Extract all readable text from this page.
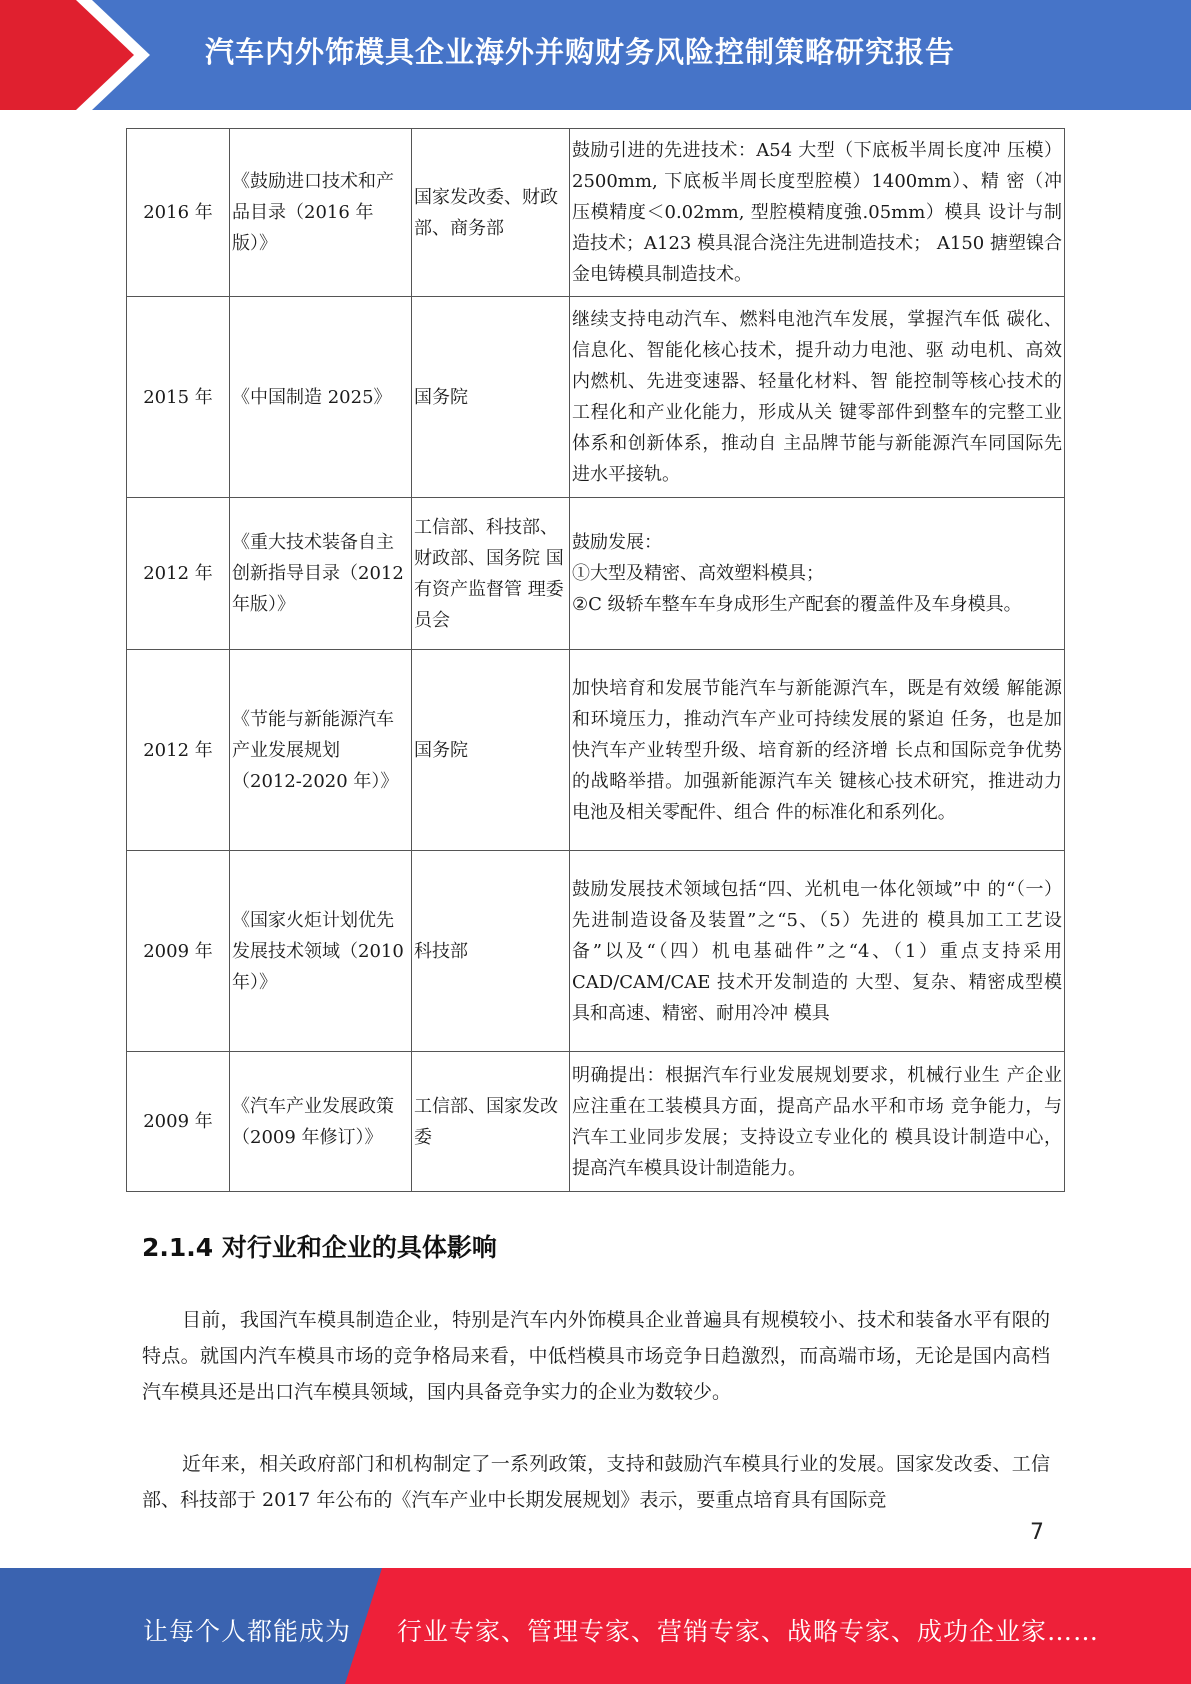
汽车内外饰模具企业海外并购财务风险控制策略研究报告
2016 年	《鼓励进口技术和产品目录（2016 年版）》	国家发改委、财政部、商务部	鼓励引进的先进技术：A54 大型（下底板半周长度冲 压模）2500mm, 下底板半周长度型腔模）1400mm）、精 密（冲压模精度＜0.02mm, 型腔模精度強.05mm）模具 设计与制造技术；A123 模具混合浇注先进制造技术； A150 搪塑镍合金电铸模具制造技术。
2015 年	《中国制造 2025》	国务院	继续支持电动汽车、燃料电池汽车发展，掌握汽车低 碳化、信息化、智能化核心技术，提升动力电池、驱 动电机、高效内燃机、先进变速器、轻量化材料、智 能控制等核心技术的工程化和产业化能力，形成从关 键零部件到整车的完整工业体系和创新体系，推动自 主品牌节能与新能源汽车同国际先进水平接轨。
2012 年	《重大技术装备自主创新指导目录（2012 年版）》	工信部、科技部、 财政部、国务院 国有资产监督管 理委员会	鼓励发展：
①大型及精密、高效塑料模具；
②C 级轿车整车车身成形生产配套的覆盖件及车身模具。

2012 年	《节能与新能源汽车产业发展规划（2012-2020 年）》	国务院	加快培育和发展节能汽车与新能源汽车，既是有效缓 解能源和环境压力，推动汽车产业可持续发展的紧迫 任务，也是加快汽车产业转型升级、培育新的经济增 长点和国际竞争优势的战略举措。加强新能源汽车关 键核心技术研究，推进动力电池及相关零配件、组合 件的标准化和系列化。
2009 年	《国家火炬计划优先发展技术领域（2010 年）》	科技部	鼓励发展技术领域包括“四、光机电一体化领域”中 的“（一）先进制造设备及装置”之“5、（5）先进的 模具加工工艺设备”以及“（四）机电基础件”之“4、（1）重点支持采用 CAD/CAM/CAE 技术开发制造的 大型、复杂、精密成型模具和高速、精密、耐用冷冲 模具
2009 年	《汽车产业发展政策（2009 年修订）》	工信部、国家发改委	明确提出：根据汽车行业发展规划要求，机械行业生 产企业应注重在工装模具方面，提高产品水平和市场 竞争能力，与汽车工业同步发展；支持设立专业化的 模具设计制造中心，提高汽车模具设计制造能力。
2.1.4 对行业和企业的具体影响

目前，我国汽车模具制造企业，特别是汽车内外饰模具企业普遍具有规模较小、技术和装备水平有限的特点。就国内汽车模具市场的竞争格局来看，中低档模具市场竞争日趋激烈，而高端市场，无论是国内高档汽车模具还是出口汽车模具领域，国内具备竞争实力的企业为数较少。

近年来，相关政府部门和机构制定了一系列政策，支持和鼓励汽车模具行业的发展。国家发改委、工信部、科技部于 2017 年公布的《汽车产业中长期发展规划》表示，要重点培育具有国际竞

7
让每个人都能成为 行业专家、管理专家、营销专家、战略专家、成功企业家……
